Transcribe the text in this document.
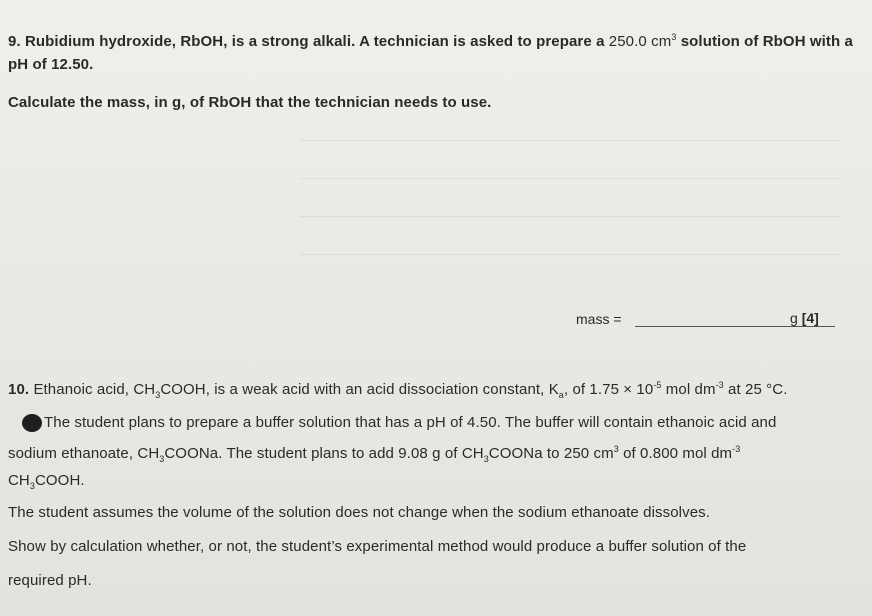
9. Rubidium hydroxide, RbOH, is a strong alkali. A technician is asked to prepare a 250.0 $cm^3$ solution of RbOH with a
pH of 12.50.
Calculate the mass, in g, of RbOH that the technician needs to use.
mass =	g [4]
10. Ethanoic acid, $CH_3COOH$, is a weak acid with an acid dissociation constant, $K_a$, of $1.75 \times 10^{-5}$ mol $dm^{-3}$ at 25 °C.
The student plans to prepare a buffer solution that has a pH of 4.50. The buffer will contain ethanoic acid and
sodium ethanoate, $CH_3COONa$. The student plans to add 9.08 g of $CH_3COONa$ to 250 $cm^3$ of 0.800 mol $dm^{-3}$
$CH_3COOH$.
The student assumes the volume of the solution does not change when the sodium ethanoate dissolves.
Show by calculation whether, or not, the student’s experimental method would produce a buffer solution of the
required pH.
